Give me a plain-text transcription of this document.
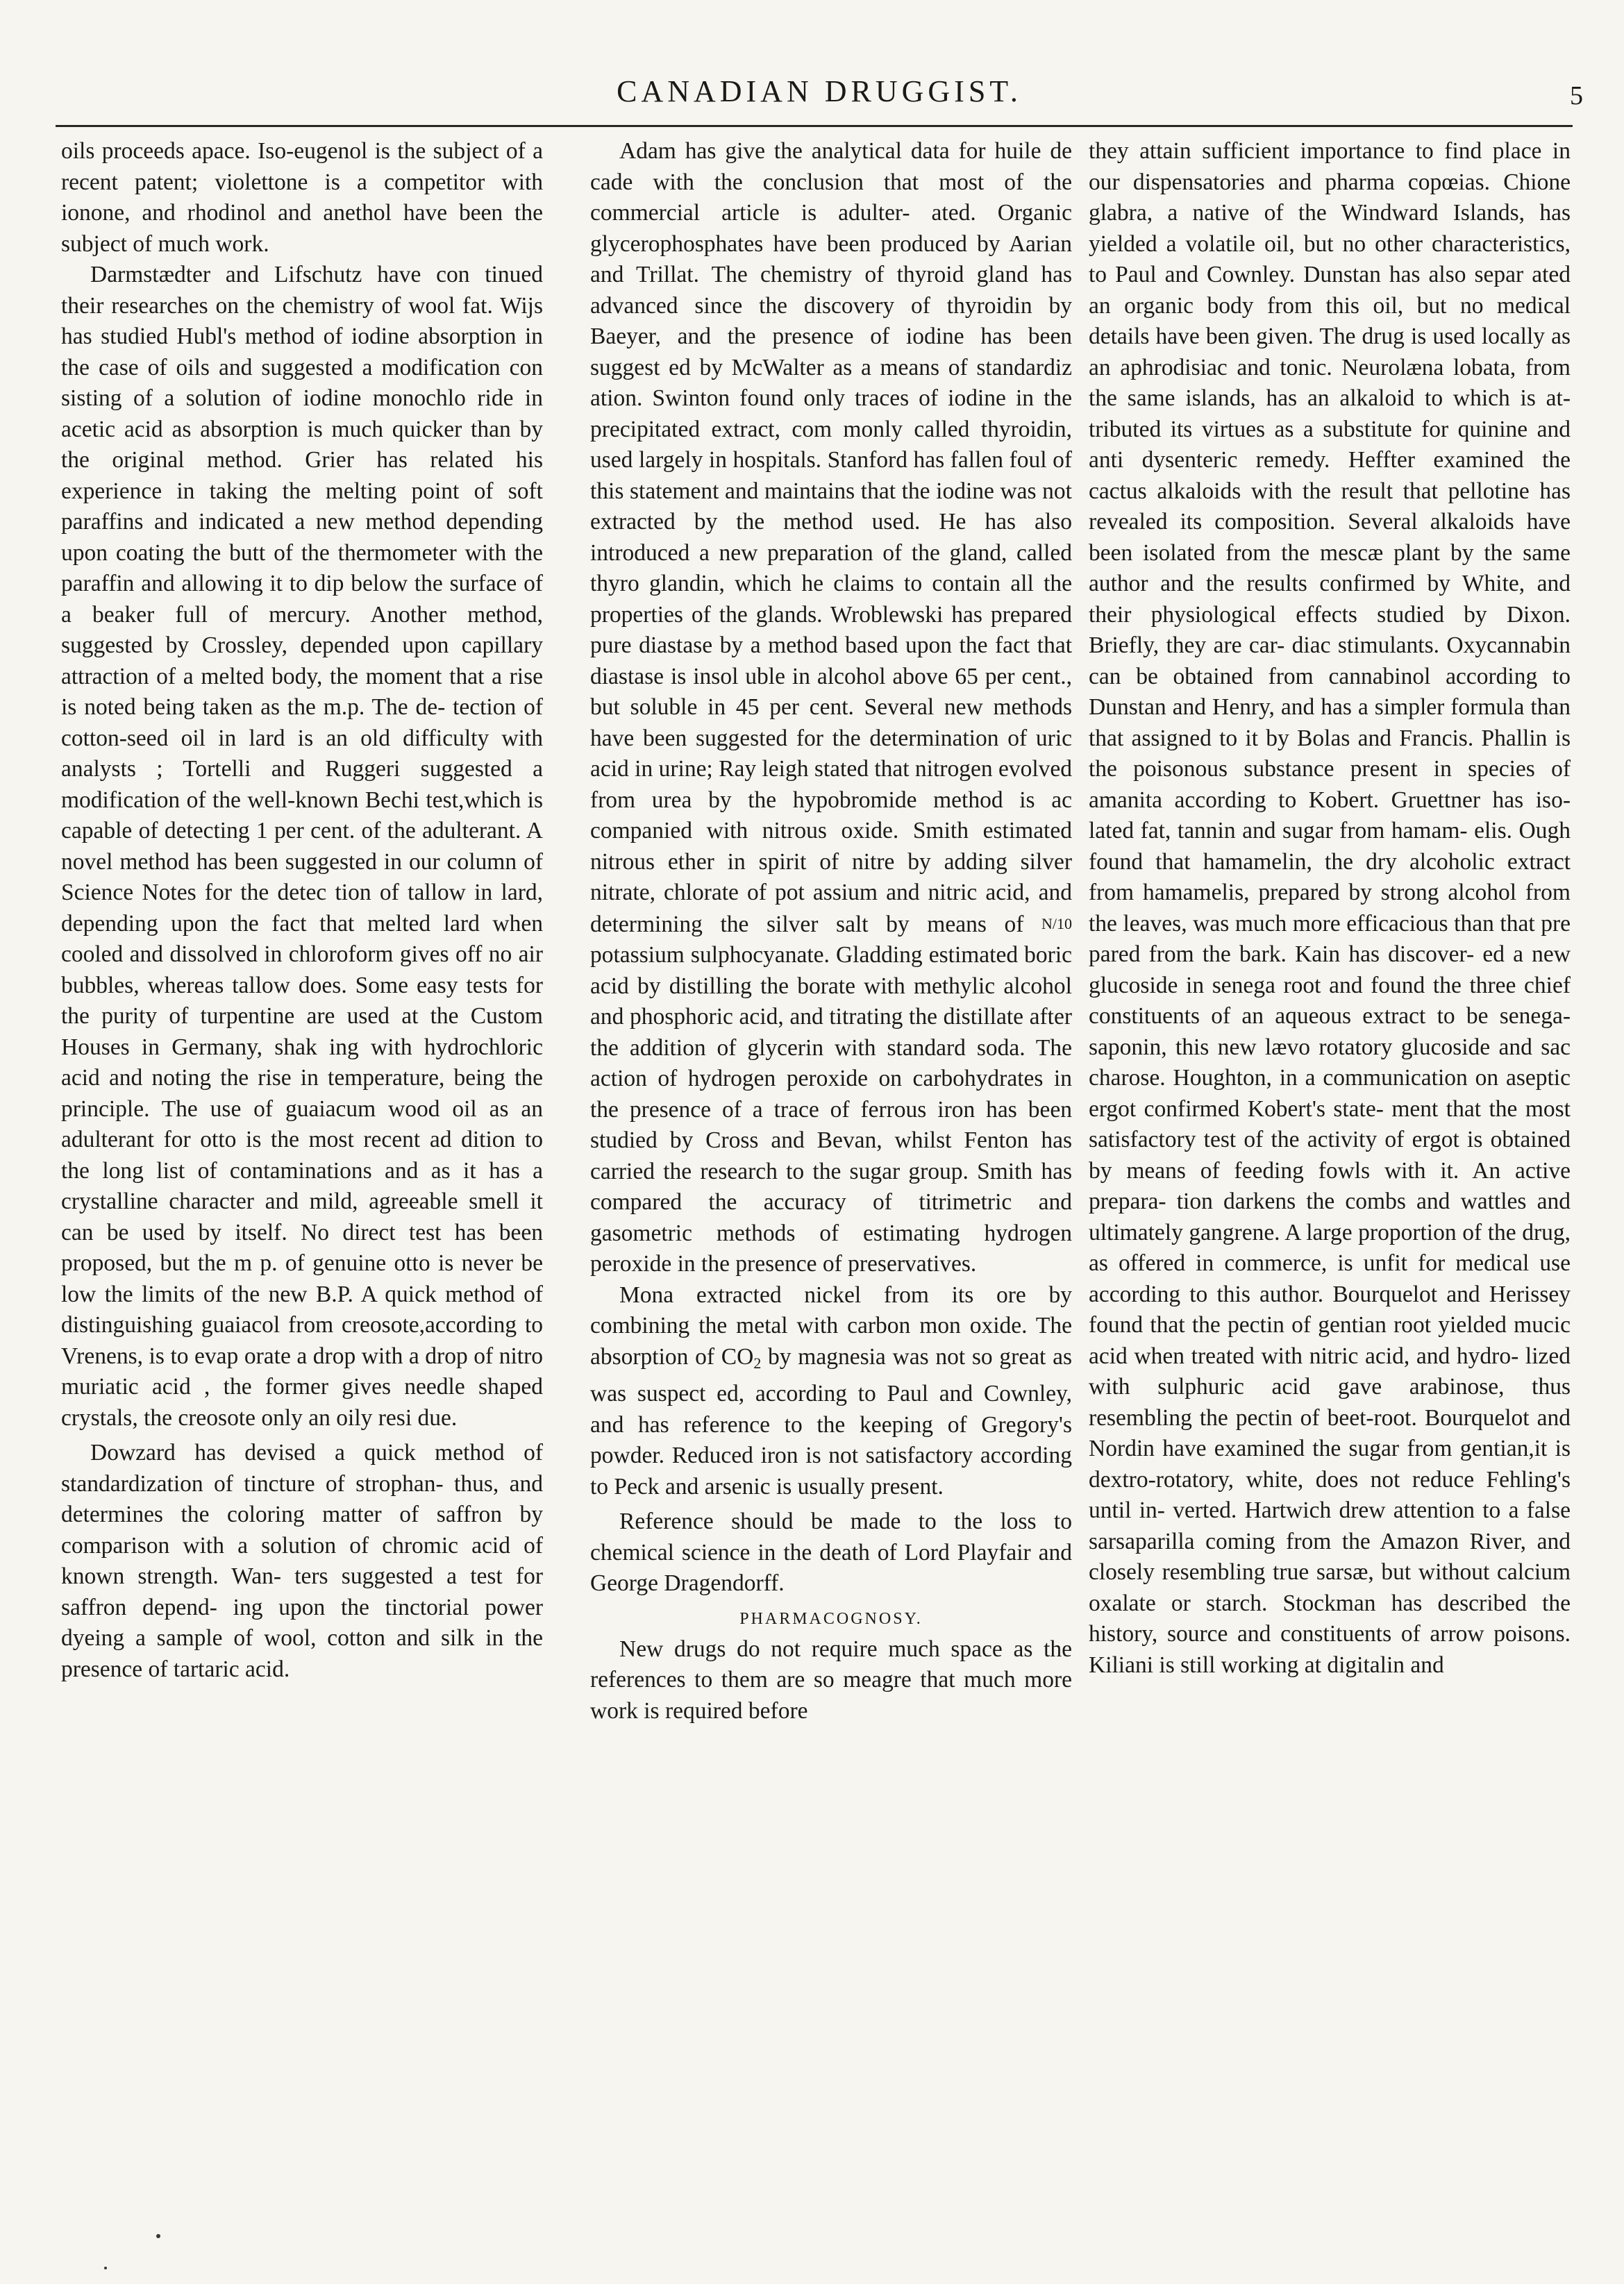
CANADIAN DRUGGIST.	5

oils proceeds apace. Iso-eugenol is the subject of a recent patent; violettone is a competitor with ionone, and rhodinol and anethol have been the subject of much work.

Darmstædter and Lifschutz have con tinued their researches on the chemistry of wool fat. Wijs has studied Hubl's method of iodine absorption in the case of oils and suggested a modification con sisting of a solution of iodine monochlo ride in acetic acid as absorption is much quicker than by the original method. Grier has related his experience in taking the melting point of soft paraffins and indicated a new method depending upon coating the butt of the thermometer with the paraffin and allowing it to dip below the surface of a beaker full of mercury. Another method, suggested by Crossley, depended upon capillary attraction of a melted body, the moment that a rise is noted being taken as the m.p. The de- tection of cotton-seed oil in lard is an old difficulty with analysts ; Tortelli and Ruggeri suggested a modification of the well-known Bechi test,which is capable of detecting 1 per cent. of the adulterant. A novel method has been suggested in our column of Science Notes for the detec tion of tallow in lard, depending upon the fact that melted lard when cooled and dissolved in chloroform gives off no air bubbles, whereas tallow does. Some easy tests for the purity of turpentine are used at the Custom Houses in Germany, shak ing with hydrochloric acid and noting the rise in temperature, being the principle. The use of guaiacum wood oil as an adulterant for otto is the most recent ad dition to the long list of contaminations and as it has a crystalline character and mild, agreeable smell it can be used by itself. No direct test has been proposed, but the m p. of genuine otto is never be low the limits of the new B.P. A quick method of distinguishing guaiacol from creosote,according to Vrenens, is to evap orate a drop with a drop of nitro muriatic acid , the former gives needle shaped crystals, the creosote only an oily resi due.

Dowzard has devised a quick method of standardization of tincture of strophan- thus, and determines the coloring matter of saffron by comparison with a solution of chromic acid of known strength. Wan- ters suggested a test for saffron depend- ing upon the tinctorial power dyeing a sample of wool, cotton and silk in the presence of tartaric acid.

Adam has give the analytical data for huile de cade with the conclusion that most of the commercial article is adulter- ated. Organic glycerophosphates have been produced by Aarian and Trillat. The chemistry of thyroid gland has advanced since the discovery of thyroidin by Baeyer, and the presence of iodine has been suggest ed by McWalter as a means of standardiz ation. Swinton found only traces of iodine in the precipitated extract, com monly called thyroidin, used largely in hospitals. Stanford has fallen foul of this statement and maintains that the iodine was not extracted by the method used. He has also introduced a new preparation of the gland, called thyro glandin, which he claims to contain all the properties of the glands. Wroblewski has prepared pure diastase by a method based upon the fact that diastase is insol uble in alcohol above 65 per cent., but soluble in 45 per cent. Several new methods have been suggested for the determination of uric acid in urine; Ray leigh stated that nitrogen evolved from urea by the hypobromide method is ac companied with nitrous oxide. Smith estimated nitrous ether in spirit of nitre by adding silver nitrate, chlorate of pot assium and nitric acid, and determining the silver salt by means of N/10 potassium sulphocyanate. Gladding estimated boric acid by distilling the borate with methylic alcohol and phosphoric acid, and titrating the distillate after the addition of glycerin with standard soda. The action of hydrogen peroxide on carbohydrates in the presence of a trace of ferrous iron has been studied by Cross and Bevan, whilst Fenton has carried the research to the sugar group. Smith has compared the accuracy of titrimetric and gasometric methods of estimating hydrogen peroxide in the presence of preservatives.

Mona extracted nickel from its ore by combining the metal with carbon mon oxide. The absorption of $CO_2$ by magnesia was not so great as was suspect ed, according to Paul and Cownley, and has reference to the keeping of Gregory's powder. Reduced iron is not satisfactory according to Peck and arsenic is usually present.

Reference should be made to the loss to chemical science in the death of Lord Playfair and George Dragendorff.

PHARMACOGNOSY.

New drugs do not require much space as the references to them are so meagre that much more work is required before

they attain sufficient importance to find place in our dispensatories and pharma copœias. Chione glabra, a native of the Windward Islands, has yielded a volatile oil, but no other characteristics, to Paul and Cownley. Dunstan has also separ ated an organic body from this oil, but no medical details have been given. The drug is used locally as an aphrodisiac and tonic. Neurolæna lobata, from the same islands, has an alkaloid to which is at- tributed its virtues as a substitute for quinine and anti dysenteric remedy. Heffter examined the cactus alkaloids with the result that pellotine has revealed its composition. Several alkaloids have been isolated from the mescæ plant by the same author and the results confirmed by White, and their physiological effects studied by Dixon. Briefly, they are car- diac stimulants. Oxycannabin can be obtained from cannabinol according to Dunstan and Henry, and has a simpler formula than that assigned to it by Bolas and Francis. Phallin is the poisonous substance present in species of amanita according to Kobert. Gruettner has iso- lated fat, tannin and sugar from hamam- elis. Ough found that hamamelin, the dry alcoholic extract from hamamelis, prepared by strong alcohol from the leaves, was much more efficacious than that pre pared from the bark. Kain has discover- ed a new glucoside in senega root and found the three chief constituents of an aqueous extract to be senega-saponin, this new lævo rotatory glucoside and sac charose. Houghton, in a communication on aseptic ergot confirmed Kobert's state- ment that the most satisfactory test of the activity of ergot is obtained by means of feeding fowls with it. An active prepara- tion darkens the combs and wattles and ultimately gangrene. A large proportion of the drug, as offered in commerce, is unfit for medical use according to this author. Bourquelot and Herissey found that the pectin of gentian root yielded mucic acid when treated with nitric acid, and hydro- lized with sulphuric acid gave arabinose, thus resembling the pectin of beet-root. Bourquelot and Nordin have examined the sugar from gentian,it is dextro-rotatory, white, does not reduce Fehling's until in- verted. Hartwich drew attention to a false sarsaparilla coming from the Amazon River, and closely resembling true sarsæ, but without calcium oxalate or starch. Stockman has described the history, source and constituents of arrow poisons. Kiliani is still working at digitalin and
